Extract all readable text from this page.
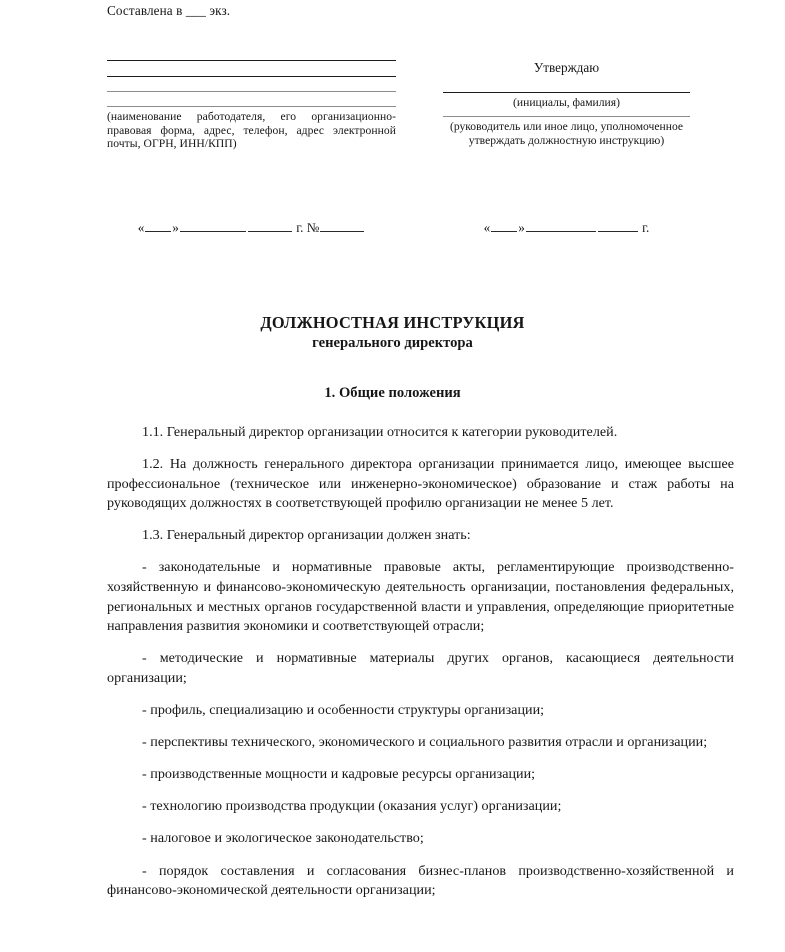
Составлена в ___ экз.
(наименование работодателя, его организационно-правовая форма, адрес, телефон, адрес электронной почты, ОГРН, ИНН/КПП)
Утверждаю
(инициалы, фамилия)
(руководитель или иное лицо, уполномоченное утверждать должностную инструкцию)
« »	г. №	« »	г.
ДОЛЖНОСТНАЯ ИНСТРУКЦИЯ
генерального директора
1. Общие положения

1.1. Генеральный директор организации относится к категории руководителей.

1.2. На должность генерального директора организации принимается лицо, имеющее высшее профессиональное (техническое или инженерно-экономическое) образование и стаж работы на руководящих должностях в соответствующей профилю организации не менее 5 лет.

1.3. Генеральный директор организации должен знать:

- законодательные и нормативные правовые акты, регламентирующие производственно-хозяйственную и финансово-экономическую деятельность организации, постановления федеральных, региональных и местных органов государственной власти и управления, определяющие приоритетные направления развития экономики и соответствующей отрасли;

- методические и нормативные материалы других органов, касающиеся деятельности организации;

- профиль, специализацию и особенности структуры организации;

- перспективы технического, экономического и социального развития отрасли и организации;

- производственные мощности и кадровые ресурсы организации;

- технологию производства продукции (оказания услуг) организации;

- налоговое и экологическое законодательство;

- порядок составления и согласования бизнес-планов производственно-хозяйственной и финансово-экономической деятельности организации;
